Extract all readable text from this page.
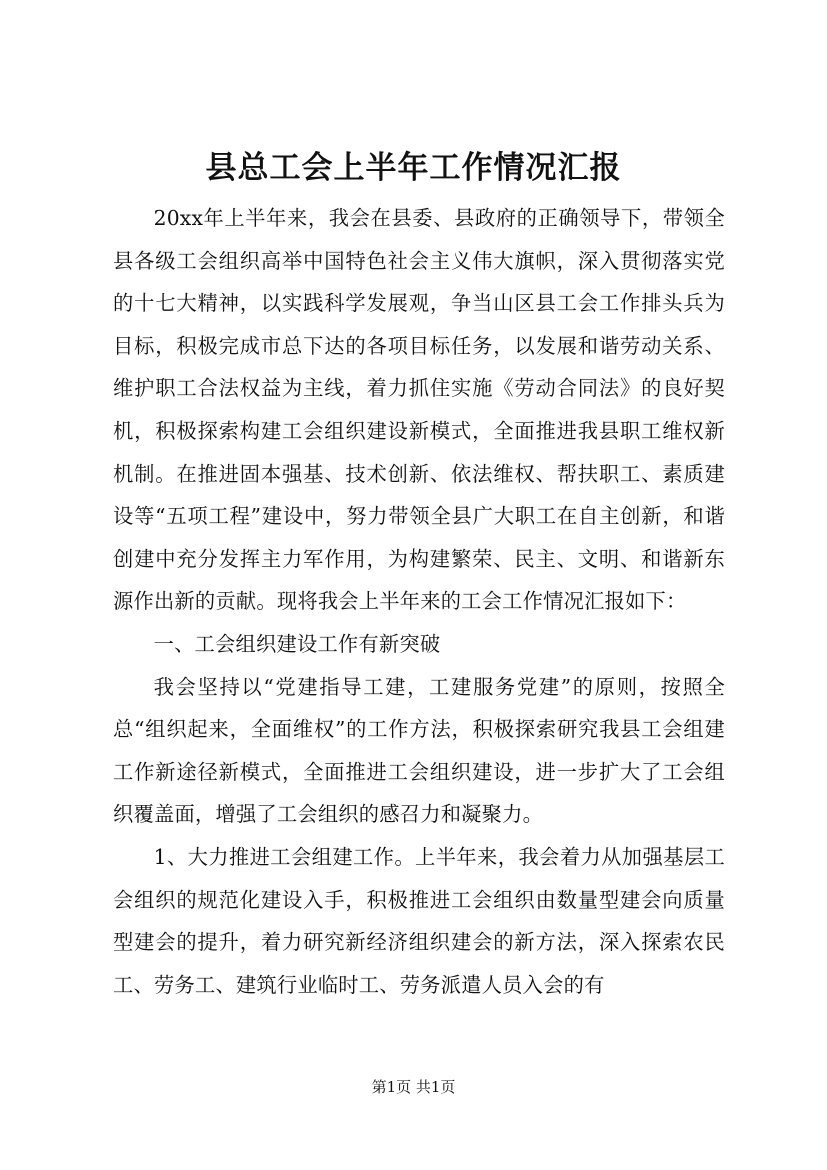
县总工会上半年工作情况汇报

20xx年上半年来，我会在县委、县政府的正确领导下，带领全县各级工会组织高举中国特色社会主义伟大旗帜，深入贯彻落实党的十七大精神，以实践科学发展观，争当山区县工会工作排头兵为目标，积极完成市总下达的各项目标任务，以发展和谐劳动关系、维护职工合法权益为主线，着力抓住实施《劳动合同法》的良好契机，积极探索构建工会组织建设新模式，全面推进我县职工维权新机制。在推进固本强基、技术创新、依法维权、帮扶职工、素质建设等“五项工程”建设中，努力带领全县广大职工在自主创新，和谐创建中充分发挥主力军作用，为构建繁荣、民主、文明、和谐新东源作出新的贡献。现将我会上半年来的工会工作情况汇报如下：

一、工会组织建设工作有新突破

我会坚持以“党建指导工建，工建服务党建”的原则，按照全总“组织起来，全面维权”的工作方法，积极探索研究我县工会组建工作新途径新模式，全面推进工会组织建设，进一步扩大了工会组织覆盖面，增强了工会组织的感召力和凝聚力。

1、大力推进工会组建工作。上半年来，我会着力从加强基层工会组织的规范化建设入手，积极推进工会组织由数量型建会向质量型建会的提升，着力研究新经济组织建会的新方法，深入探索农民工、劳务工、建筑行业临时工、劳务派遣人员入会的有

第1页 共1页
